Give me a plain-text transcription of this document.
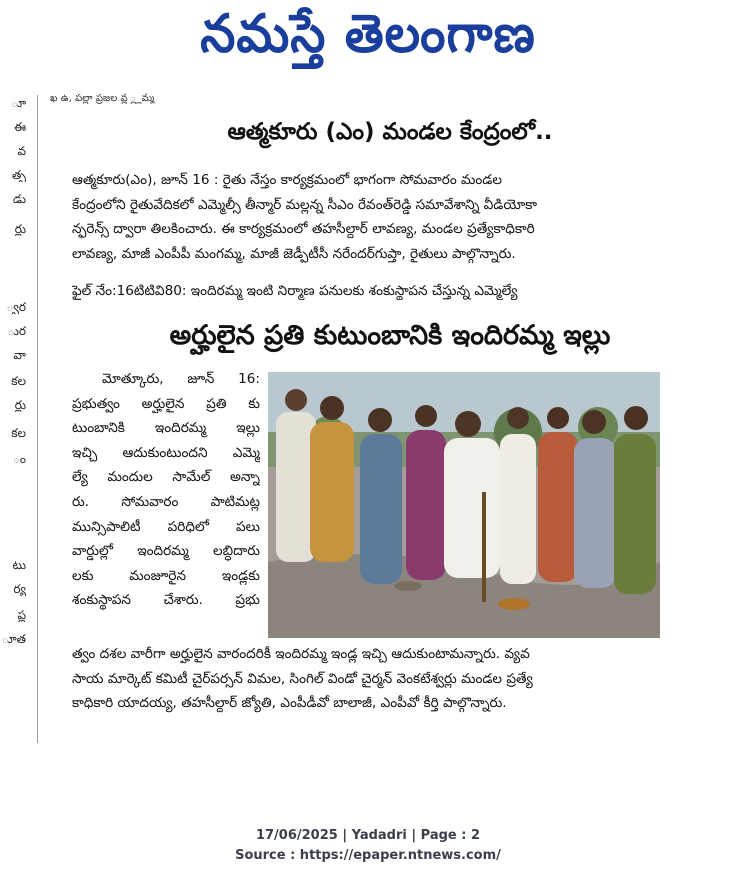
నమస్తే తెలంగాణ
ూ
ఈ
వ
త్స
డు
ర్లు
్వర
ుర
వా
కల
ర్లు
కల
ం
టు
ర్య
ప్ల
ూత
ఖ ఉ, పల్లా ప్రజల వ్ల ్ల్లమ్మ
ఆత్మకూరు (ఎం) మండల కేంద్రంలో..
ఆత్మకూరు(ఎం), జూన్ 16 : రైతు నేస్తం కార్యక్రమంలో భాగంగా సోమవారం మండల
కేంద్రంలోని రైతువేదికలో ఎమ్మెల్సీ తీన్మార్ మల్లన్న సీఎం రేవంత్‌రెడ్డి సమావేశాన్ని వీడియోకా
న్ఫరెన్స్ ద్వారా తిలకించారు. ఈ కార్యక్రమంలో తహసీల్దార్ లావణ్య, మండల ప్రత్యేకాధికారి
లావణ్య, మాజీ ఎంపీపీ మంగమ్మ, మాజీ జెడ్పీటీసీ నరేందర్‌గుప్తా, రైతులు పాల్గొన్నారు.
ఫైల్ నేం:16టిటివి80: ఇందిరమ్మ ఇంటి నిర్మాణ పనులకు శంకుస్థాపన చేస్తున్న ఎమ్మెల్యే
అర్హులైన ప్రతి కుటుంబానికి ఇందిరమ్మ ఇల్లు
మోత్కూరు, జూన్ 16:
ప్రభుత్వం అర్హులైన ప్రతి కు
టుంబానికి ఇందిరమ్మ ఇల్లు
ఇచ్చి ఆదుకుంటుందని ఎమ్మె
ల్యే మందుల సామేల్ అన్నా
రు. సోమవారం పాటిమట్ల
మున్సిపాలిటీ పరిధిలో పలు
వార్డుల్లో ఇందిరమ్మ లబ్ధిదారు
లకు మంజూరైన ఇండ్లకు
శంకుస్థాపన చేశారు. ప్రభు
త్వం దశల వారీగా అర్హులైన వారందరికీ ఇందిరమ్మ ఇండ్ల ఇచ్చి ఆదుకుంటామన్నారు. వ్యవ
సాయ మార్కెట్ కమిటీ చైర్‌పర్సన్ విమల, సింగిల్ విండో చైర్మన్ వెంకటేశ్వర్లు మండల ప్రత్యే
కాధికారి యాదయ్య, తహసీల్దార్ జ్యోతి, ఎంపీడీవో బాలాజీ, ఎంపీవో కీర్తి పాల్గొన్నారు.
17/06/2025 | Yadadri | Page : 2
Source : https://epaper.ntnews.com/
